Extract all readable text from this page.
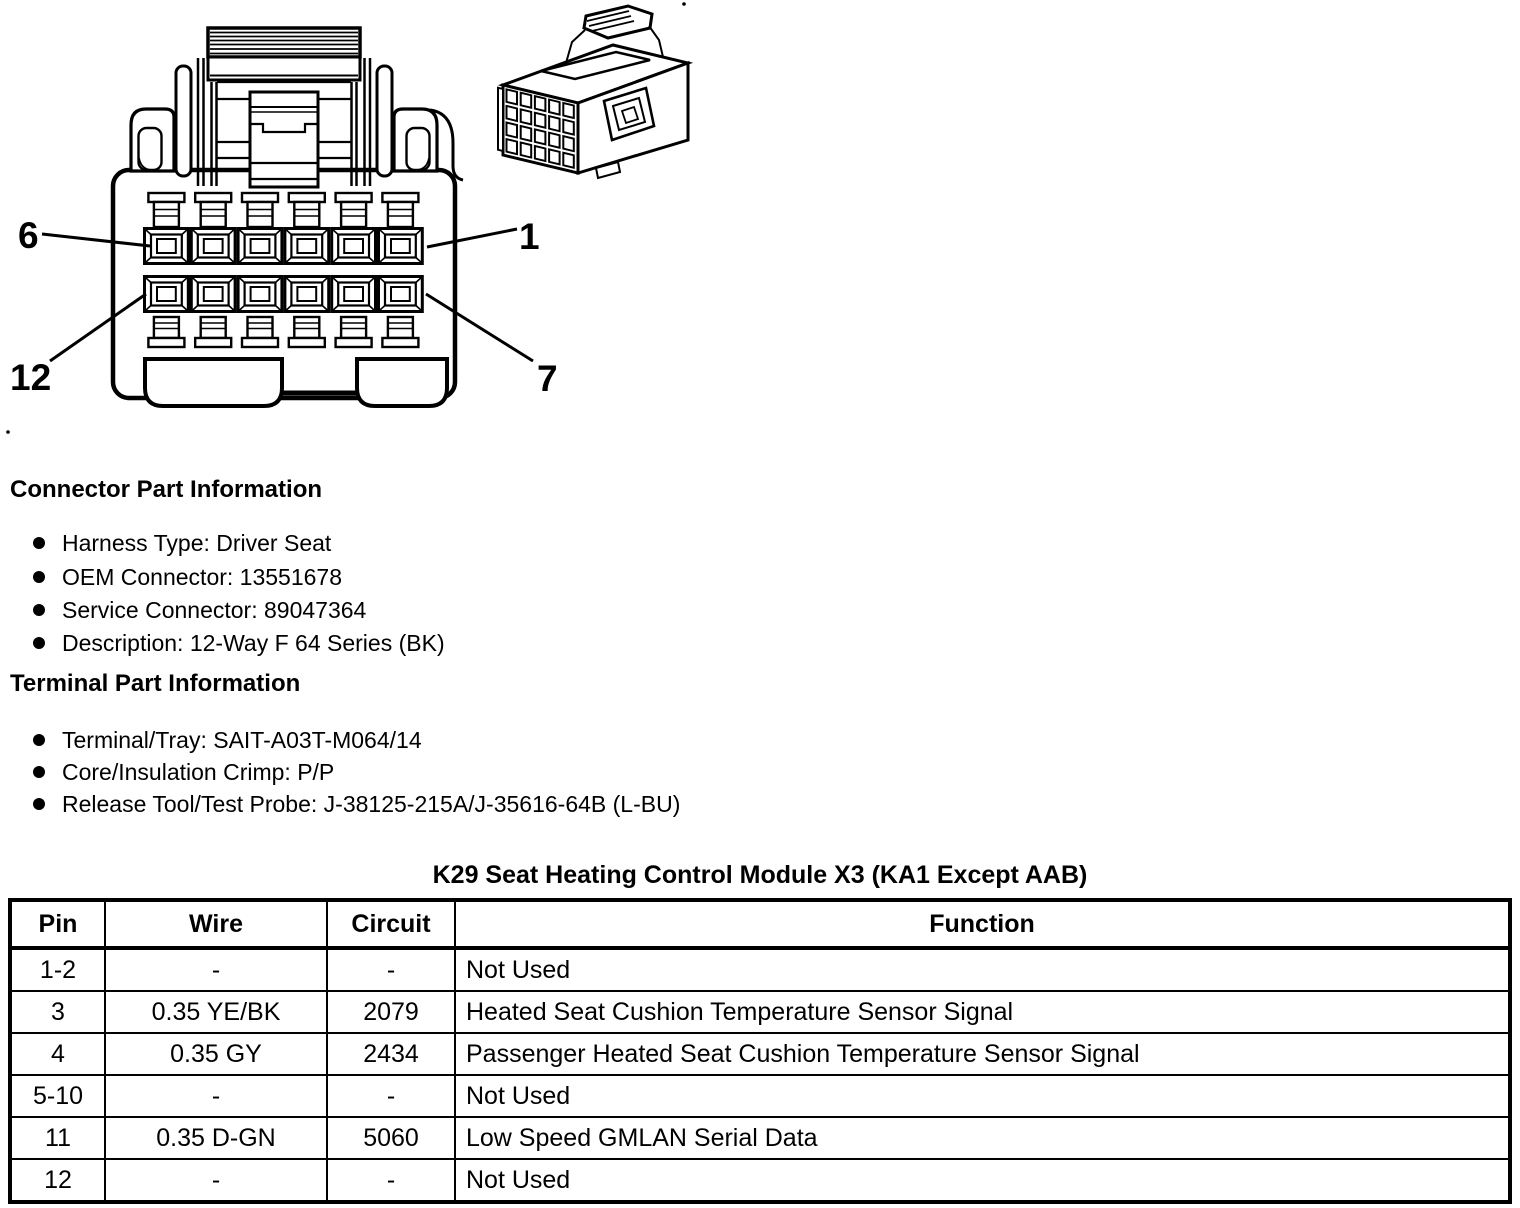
6	1
12	7
Connector Part Information
Harness Type: Driver Seat
OEM Connector: 13551678
Service Connector: 89047364
Description: 12-Way F 64 Series (BK)
Terminal Part Information
Terminal/Tray: SAIT-A03T-M064/14
Core/Insulation Crimp: P/P
Release Tool/Test Probe: J-38125-215A/J-35616-64B (L-BU)
K29 Seat Heating Control Module X3 (KA1 Except AAB)
Pin	Wire	Circuit	Function
1-2	-	-	Not Used
3	0.35 YE/BK	2079	Heated Seat Cushion Temperature Sensor Signal
4	0.35 GY	2434	Passenger Heated Seat Cushion Temperature Sensor Signal
5-10	-	-	Not Used
11	0.35 D-GN	5060	Low Speed GMLAN Serial Data
12	-	-	Not Used
